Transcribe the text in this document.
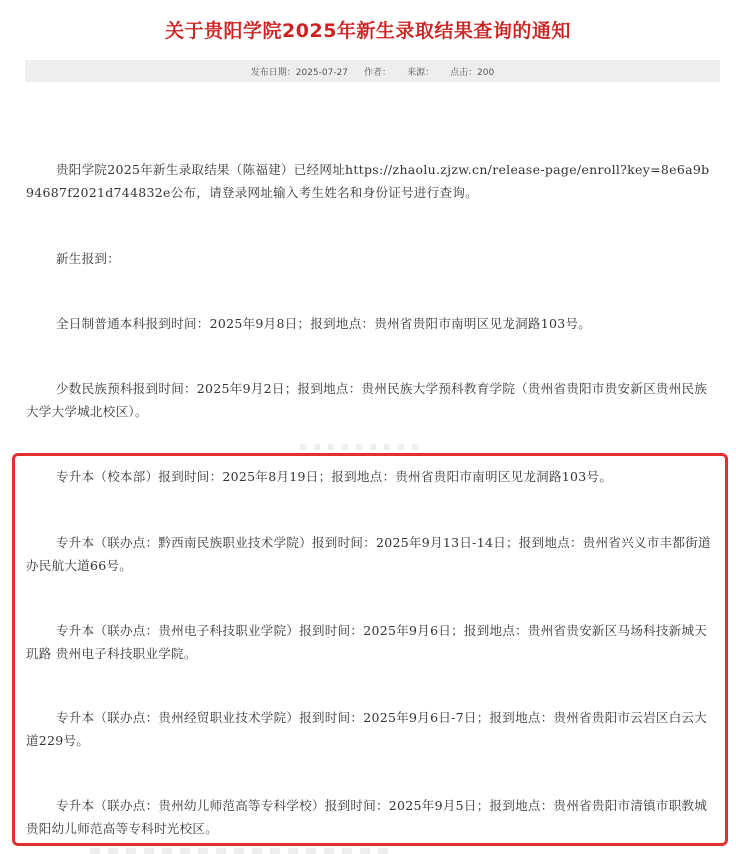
关于贵阳学院2025年新生录取结果查询的通知
发布日期：2025-07-27 作者： 来源： 点击：200

贵阳学院2025年新生录取结果（陈福建）已经网址https://zhaolu.zjzw.cn/release-page/enroll?key=8e6a9b94687f2021d744832e公布，请登录网址输入考生姓名和身份证号进行查询。

新生报到：

全日制普通本科报到时间：2025年9月8日；报到地点：贵州省贵阳市南明区见龙洞路103号。

少数民族预科报到时间：2025年9月2日；报到地点：贵州民族大学预科教育学院（贵州省贵阳市贵安新区贵州民族大学大学城北校区）。

专升本（校本部）报到时间：2025年8月19日；报到地点：贵州省贵阳市南明区见龙洞路103号。

专升本（联办点：黔西南民族职业技术学院）报到时间：2025年9月13日-14日；报到地点：贵州省兴义市丰都街道办民航大道66号。

专升本（联办点：贵州电子科技职业学院）报到时间：2025年9月6日；报到地点：贵州省贵安新区马场科技新城天玑路 贵州电子科技职业学院。

专升本（联办点：贵州经贸职业技术学院）报到时间：2025年9月6日-7日；报到地点：贵州省贵阳市云岩区白云大道229号。

专升本（联办点：贵州幼儿师范高等专科学校）报到时间：2025年9月5日；报到地点：贵州省贵阳市清镇市职教城贵阳幼儿师范高等专科时光校区。
